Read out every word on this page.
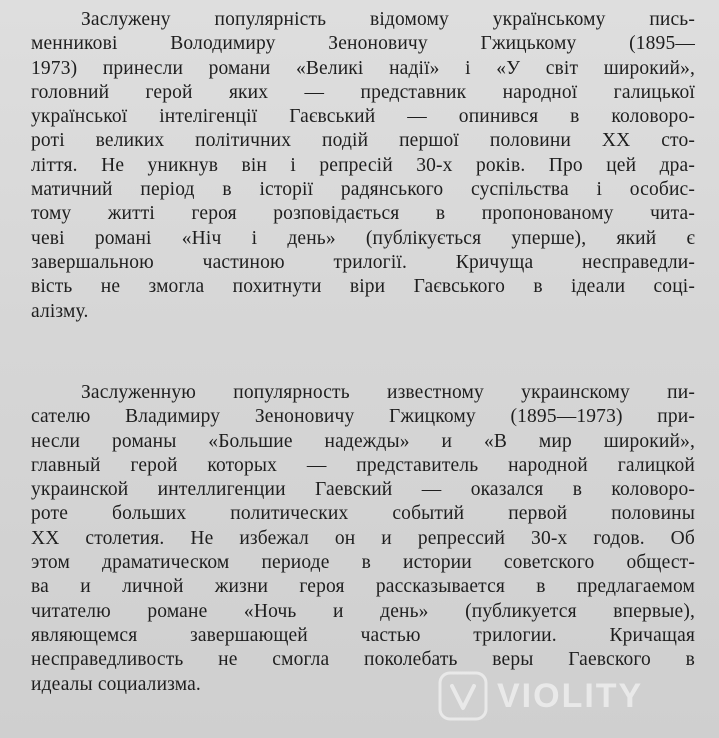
Заслужену популярність відомому українському пись-
менникові Володимиру Зеноновичу Гжицькому (1895—
1973) принесли романи «Великі надії» і «У світ широкий»,
головний герой яких — представник народної галицької
української інтелігенції Гаєвський — опинився в коловоро-
роті великих політичних подій першої половини XX сто-
ліття. Не уникнув він і репресій 30-х років. Про цей дра-
матичний період в історії радянського суспільства і особис-
тому житті героя розповідається в пропонованому чита-
чеві романі «Ніч і день» (публікується уперше), який є
завершальною частиною трилогії. Кричуща несправедли-
вість не змогла похитнути віри Гаєвського в ідеали соці-
алізму.
Заслуженную популярность известному украинскому пи-
сателю Владимиру Зеноновичу Гжицкому (1895—1973) при-
несли романы «Большие надежды» и «В мир широкий»,
главный герой которых — представитель народной галицкой
украинской интеллигенции Гаевский — оказался в коловоро-
роте больших политических событий первой половины
XX столетия. Не избежал он и репрессий 30-х годов. Об
этом драматическом периоде в истории советского общест-
ва и личной жизни героя рассказывается в предлагаемом
читателю романе «Ночь и день» (публикуется впервые),
являющемся завершающей частью трилогии. Кричащая
несправедливость не смогла поколебать веры Гаевского в
идеалы социализма.	VIOLITY
